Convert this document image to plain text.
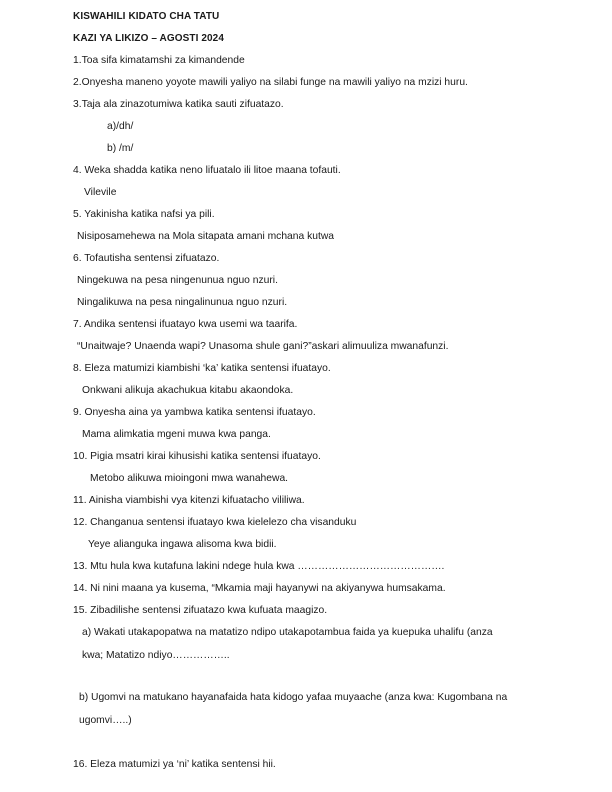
KISWAHILI KIDATO CHA TATU
KAZI YA LIKIZO – AGOSTI 2024
1.Toa sifa kimatamshi za kimandende
2.Onyesha maneno yoyote mawili yaliyo na silabi funge na mawili yaliyo na mzizi huru.
3.Taja ala zinazotumiwa katika sauti zifuatazo.
a)/dh/
b) /m/
4. Weka shadda katika neno lifuatalo ili litoe maana tofauti.
Vilevile
5. Yakinisha katika nafsi ya pili.
Nisiposamehewa na Mola sitapata amani mchana kutwa
6. Tofautisha sentensi zifuatazo.
Ningekuwa na pesa ningenunua nguo nzuri.
Ningalikuwa na pesa ningalinunua nguo nzuri.
7. Andika sentensi ifuatayo kwa usemi wa taarifa.
“Unaitwaje? Unaenda wapi? Unasoma shule gani?”askari alimuuliza mwanafunzi.
8. Eleza matumizi kiambishi ‘ka’ katika sentensi ifuatayo.
Onkwani alikuja akachukua kitabu akaondoka.
9. Onyesha aina ya yambwa katika sentensi ifuatayo.
Mama alimkatia mgeni muwa kwa panga.
10. Pigia msatri kirai kihusishi katika sentensi ifuatayo.
Metobo alikuwa mioingoni mwa wanahewa.
11. Ainisha viambishi vya kitenzi kifuatacho vililiwa.
12. Changanua sentensi ifuatayo kwa kielelezo cha visanduku
Yeye alianguka ingawa alisoma kwa bidii.
13. Mtu hula kwa kutafuna lakini ndege hula kwa …………………………………….
14. Ni nini maana ya kusema, “Mkamia maji hayanywi na akiyanywa humsakama.
15. Zibadilishe sentensi zifuatazo kwa kufuata maagizo.
a) Wakati utakapopatwa na matatizo ndipo utakapotambua faida ya kuepuka uhalifu (anza
kwa; Matatizo ndiyo……………..
b) Ugomvi na matukano hayanafaida hata kidogo yafaa muyaache (anza kwa: Kugombana na
ugomvi…..)
16. Eleza matumizi ya ‘ni’ katika sentensi hii.
